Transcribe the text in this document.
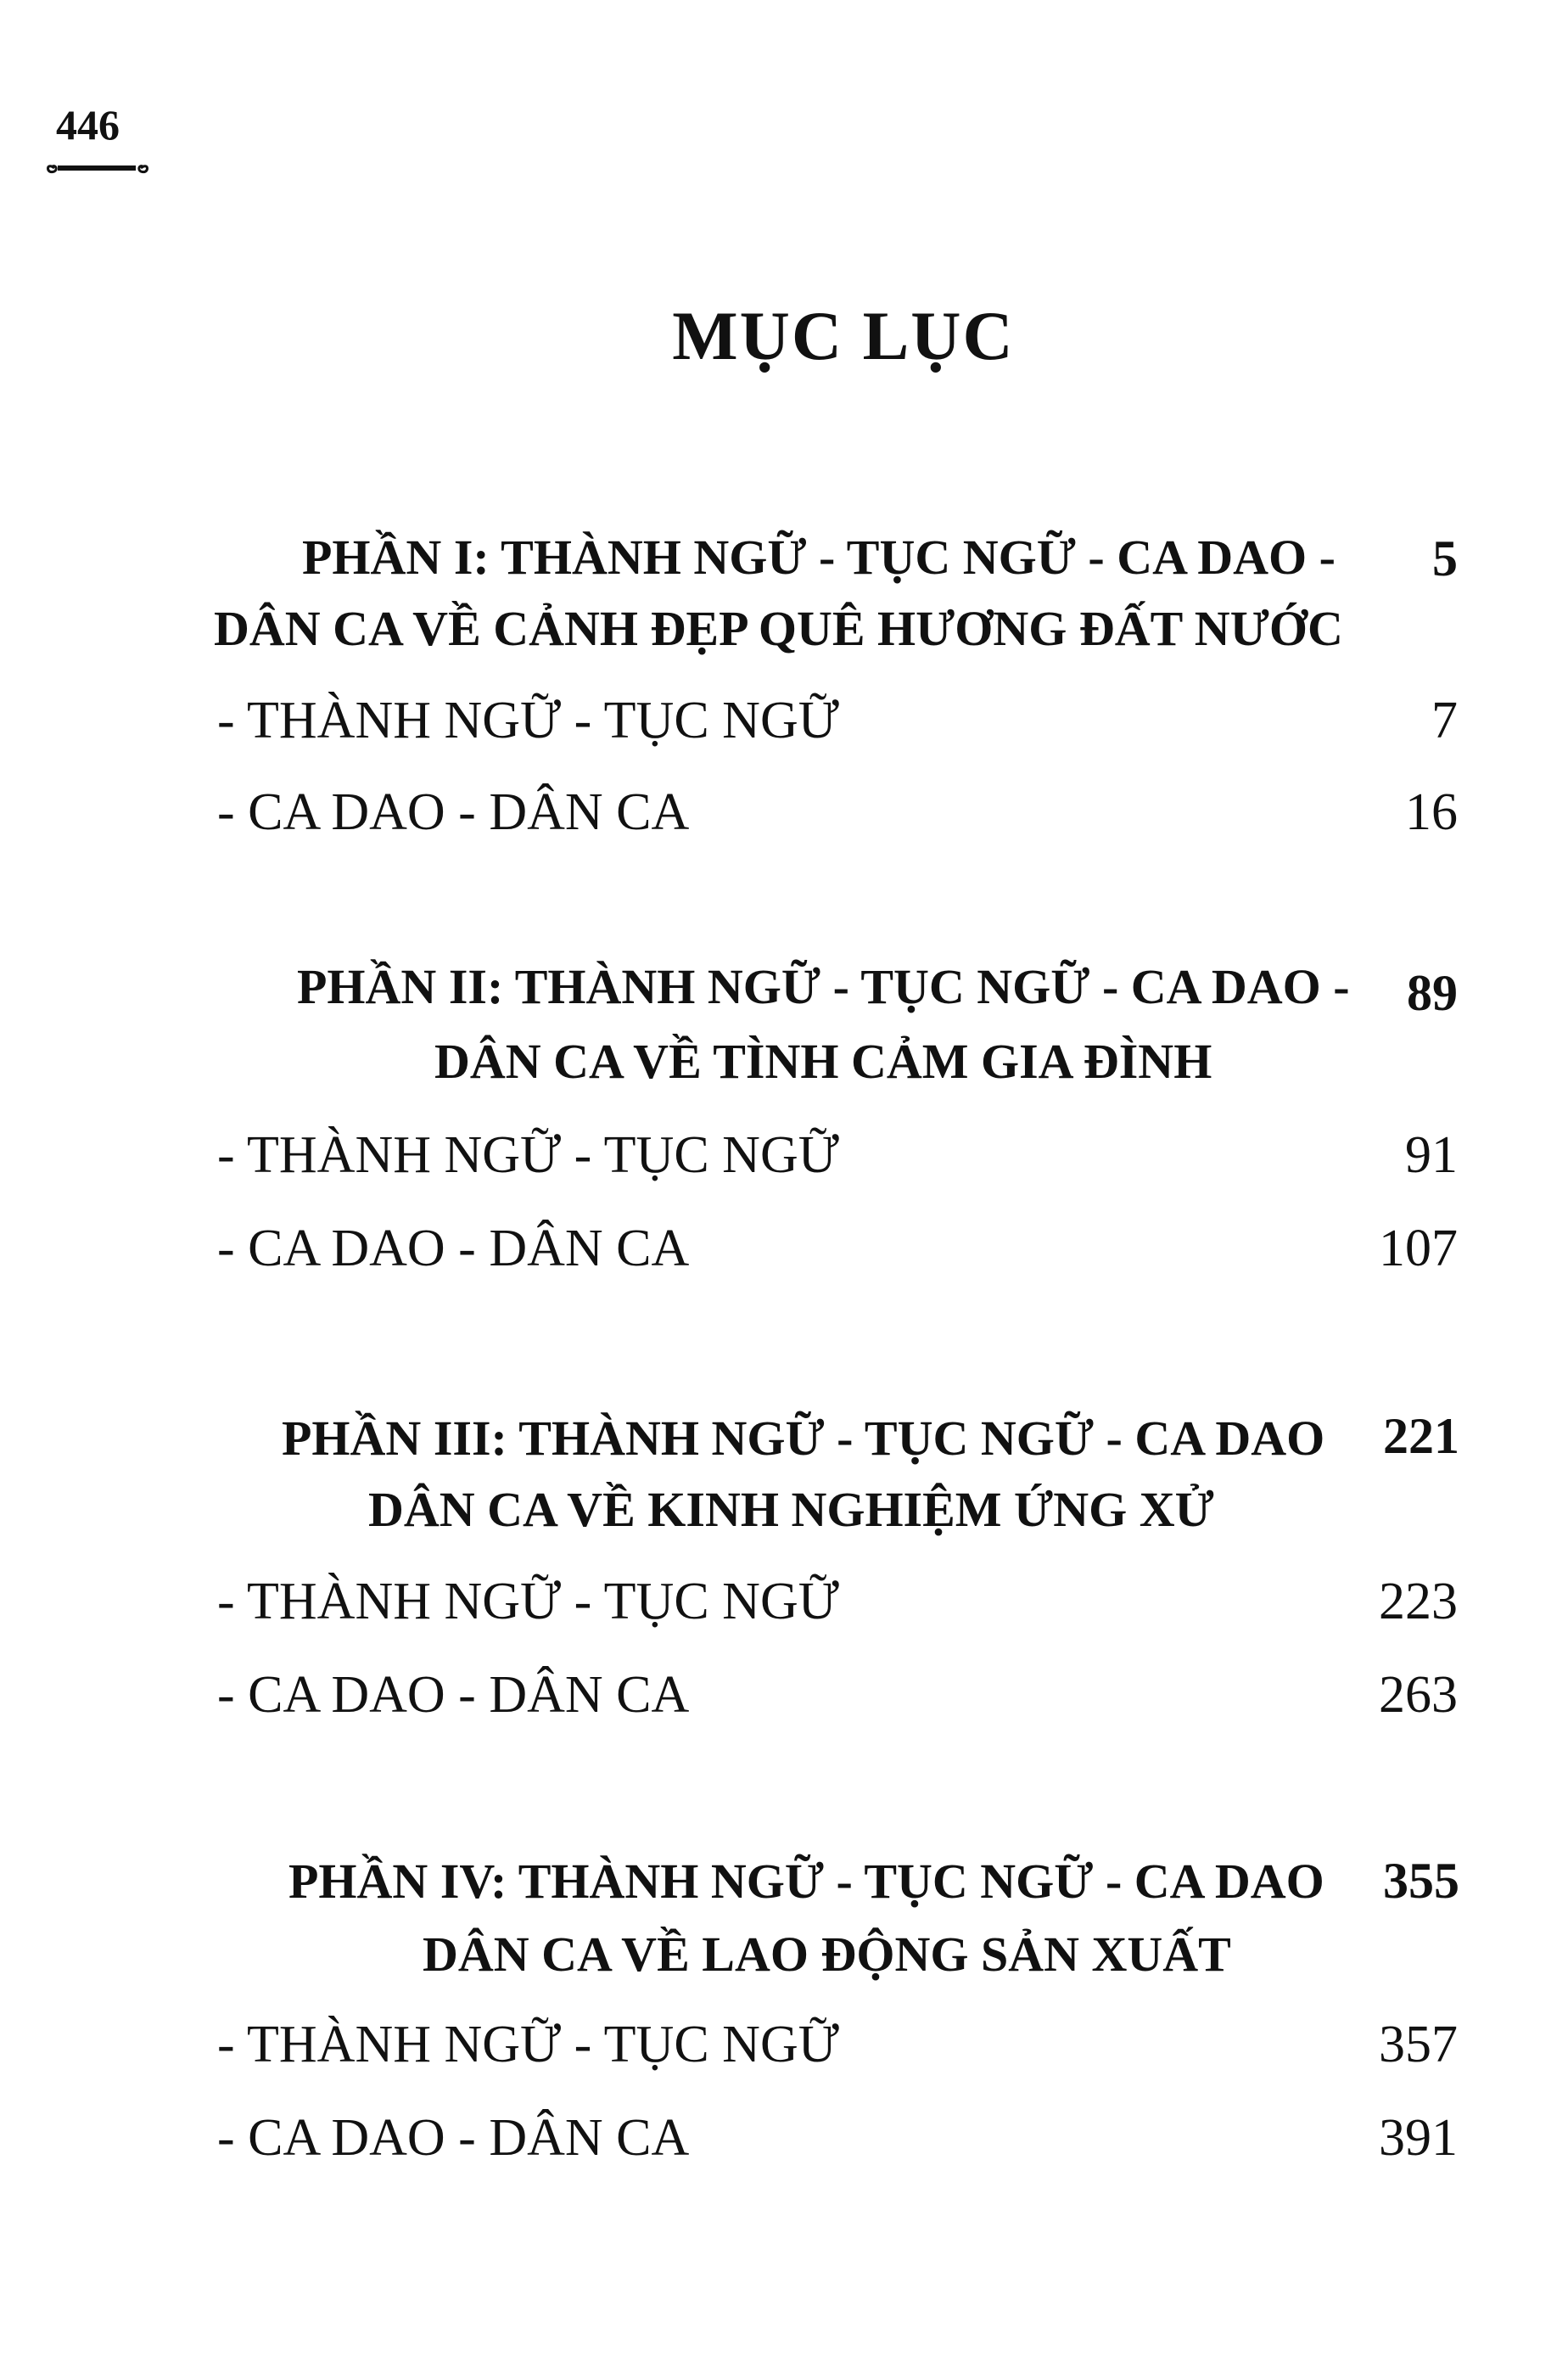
446
MỤC LỤC
PHẦN I: THÀNH NGỮ - TỤC NGỮ - CA DAO - 5
DÂN CA VỀ CẢNH ĐẸP QUÊ HƯƠNG ĐẤT NƯỚC
- THÀNH NGỮ - TỤC NGỮ	7
- CA DAO - DÂN CA	16
PHẦN II: THÀNH NGỮ - TỤC NGỮ - CA DAO - 89
DÂN CA VỀ TÌNH CẢM GIA ĐÌNH
- THÀNH NGỮ - TỤC NGỮ	91
- CA DAO - DÂN CA	107
PHẦN III: THÀNH NGỮ - TỤC NGỮ - CA DAO 221
DÂN CA VỀ KINH NGHIỆM ỨNG XỬ
- THÀNH NGỮ - TỤC NGỮ	223
- CA DAO - DÂN CA	263
PHẦN IV: THÀNH NGỮ - TỤC NGỮ - CA DAO 355
DÂN CA VỀ LAO ĐỘNG SẢN XUẤT
- THÀNH NGỮ - TỤC NGỮ	357
- CA DAO - DÂN CA	391
